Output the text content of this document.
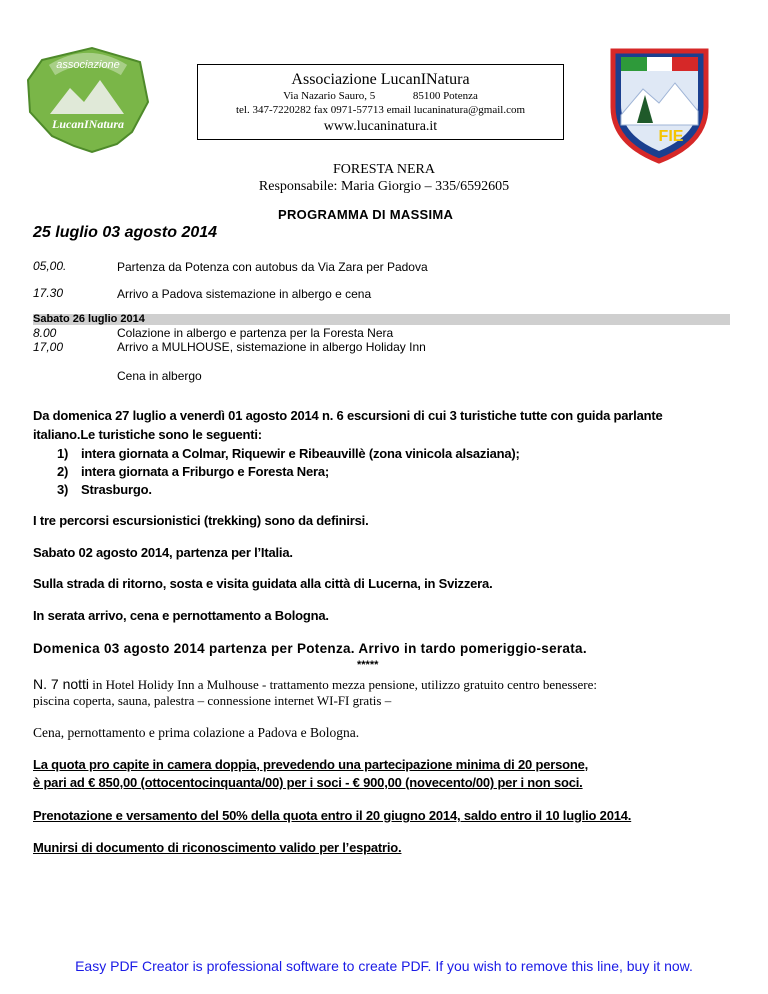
associazione
LucanINatura
Associazione LucanINatura
Via Nazario Sauro, 5	85100 Potenza
tel. 347-7220282 fax 0971-57713 email lucaninatura@gmail.com
www.lucaninatura.it
FIE
FORESTA NERA
Responsabile: Maria Giorgio – 335/6592605
PROGRAMMA DI MASSIMA
25 luglio 03 agosto 2014
05,00.	Partenza da Potenza con autobus da Via Zara per Padova
17.30	Arrivo a Padova sistemazione in albergo e cena
Sabato 26 luglio 2014
8.00	Colazione in albergo e partenza per la Foresta Nera
17,00	Arrivo a MULHOUSE, sistemazione in albergo Holiday Inn
Cena in albergo
Da domenica 27 luglio a venerdì 01 agosto 2014 n. 6 escursioni di cui 3 turistiche tutte con guida parlante
italiano.Le turistiche sono le seguenti:
1) intera giornata a Colmar, Riquewir e Ribeauvillè (zona vinicola alsaziana);
2) intera giornata a Friburgo e Foresta Nera;
3) Strasburgo.
I tre percorsi escursionistici (trekking) sono da definirsi.
Sabato 02 agosto 2014, partenza per l’Italia.
Sulla strada di ritorno, sosta e visita guidata alla città di Lucerna, in Svizzera.
In serata arrivo, cena e pernottamento a Bologna.
Domenica 03 agosto 2014 partenza per Potenza. Arrivo in tardo pomeriggio-serata.
*****
N. 7 notti in Hotel Holidy Inn a Mulhouse - trattamento mezza pensione, utilizzo gratuito centro benessere:
piscina coperta, sauna, palestra – connessione internet WI-FI gratis –
Cena, pernottamento e prima colazione a Padova e Bologna.
La quota pro capite in camera doppia, prevedendo una partecipazione minima di 20 persone,
è pari ad € 850,00 (ottocentocinquanta/00) per i soci - € 900,00 (novecento/00) per i non soci.
Prenotazione e versamento del 50% della quota entro il 20 giugno 2014, saldo entro il 10 luglio 2014.
Munirsi di documento di riconoscimento valido per l’espatrio.
Easy PDF Creator is professional software to create PDF. If you wish to remove this line, buy it now.
